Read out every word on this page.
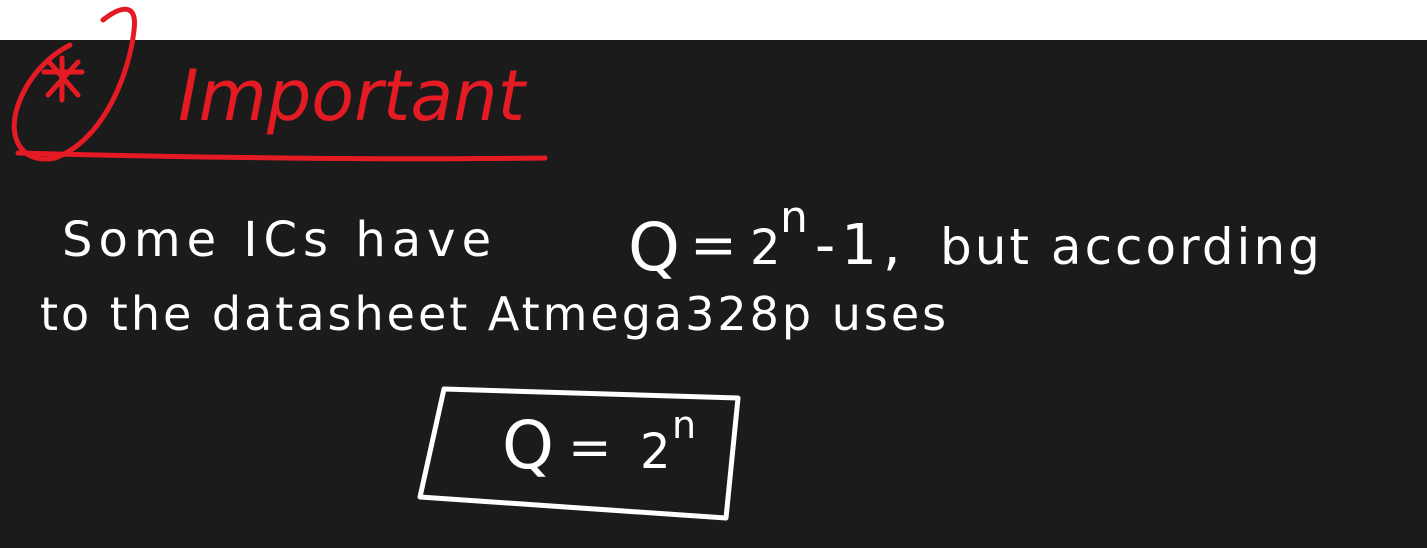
Important
Some ICs have Q = 2
n -1, but according
to the datasheet Atmega328p uses
Q = 2 n
